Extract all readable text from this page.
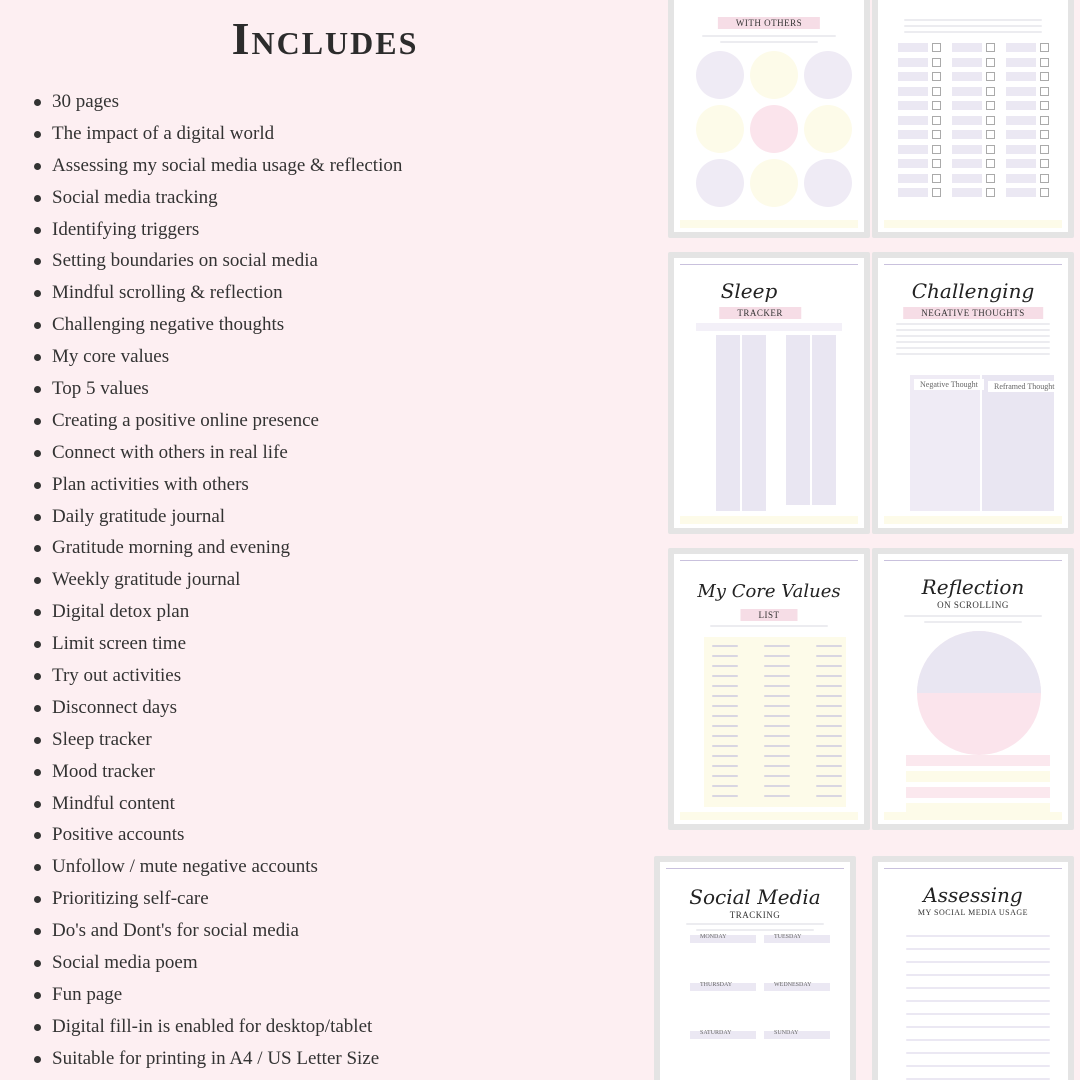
Includes
30 pages
The impact of a digital world
Assessing my social media usage & reflection
Social media tracking
Identifying triggers
Setting boundaries on social media
Mindful scrolling & reflection
Challenging negative thoughts
My core values
Top 5 values
Creating a positive online presence
Connect with others in real life
Plan activities with others
Daily gratitude journal
Gratitude morning and evening
Weekly gratitude journal
Digital detox plan
Limit screen time
Try out activities
Disconnect days
Sleep tracker
Mood tracker
Mindful content
Positive accounts
Unfollow / mute negative accounts
Prioritizing self-care
Do's and Dont's for social media
Social media poem
Fun page
Digital fill-in is enabled for desktop/tablet
Suitable for printing in A4 / US Letter Size
WITH OTHERS
Sleep
TRACKER
Challenging
NEGATIVE THOUGHTS
Negative Thought	Reframed Thought
My Core Values
LIST
Reflection
ON SCROLLING
Social Media
TRACKING
MONDAY	TUESDAY
THURSDAY	WEDNESDAY
SATURDAY	SUNDAY
Assessing
MY SOCIAL MEDIA USAGE
